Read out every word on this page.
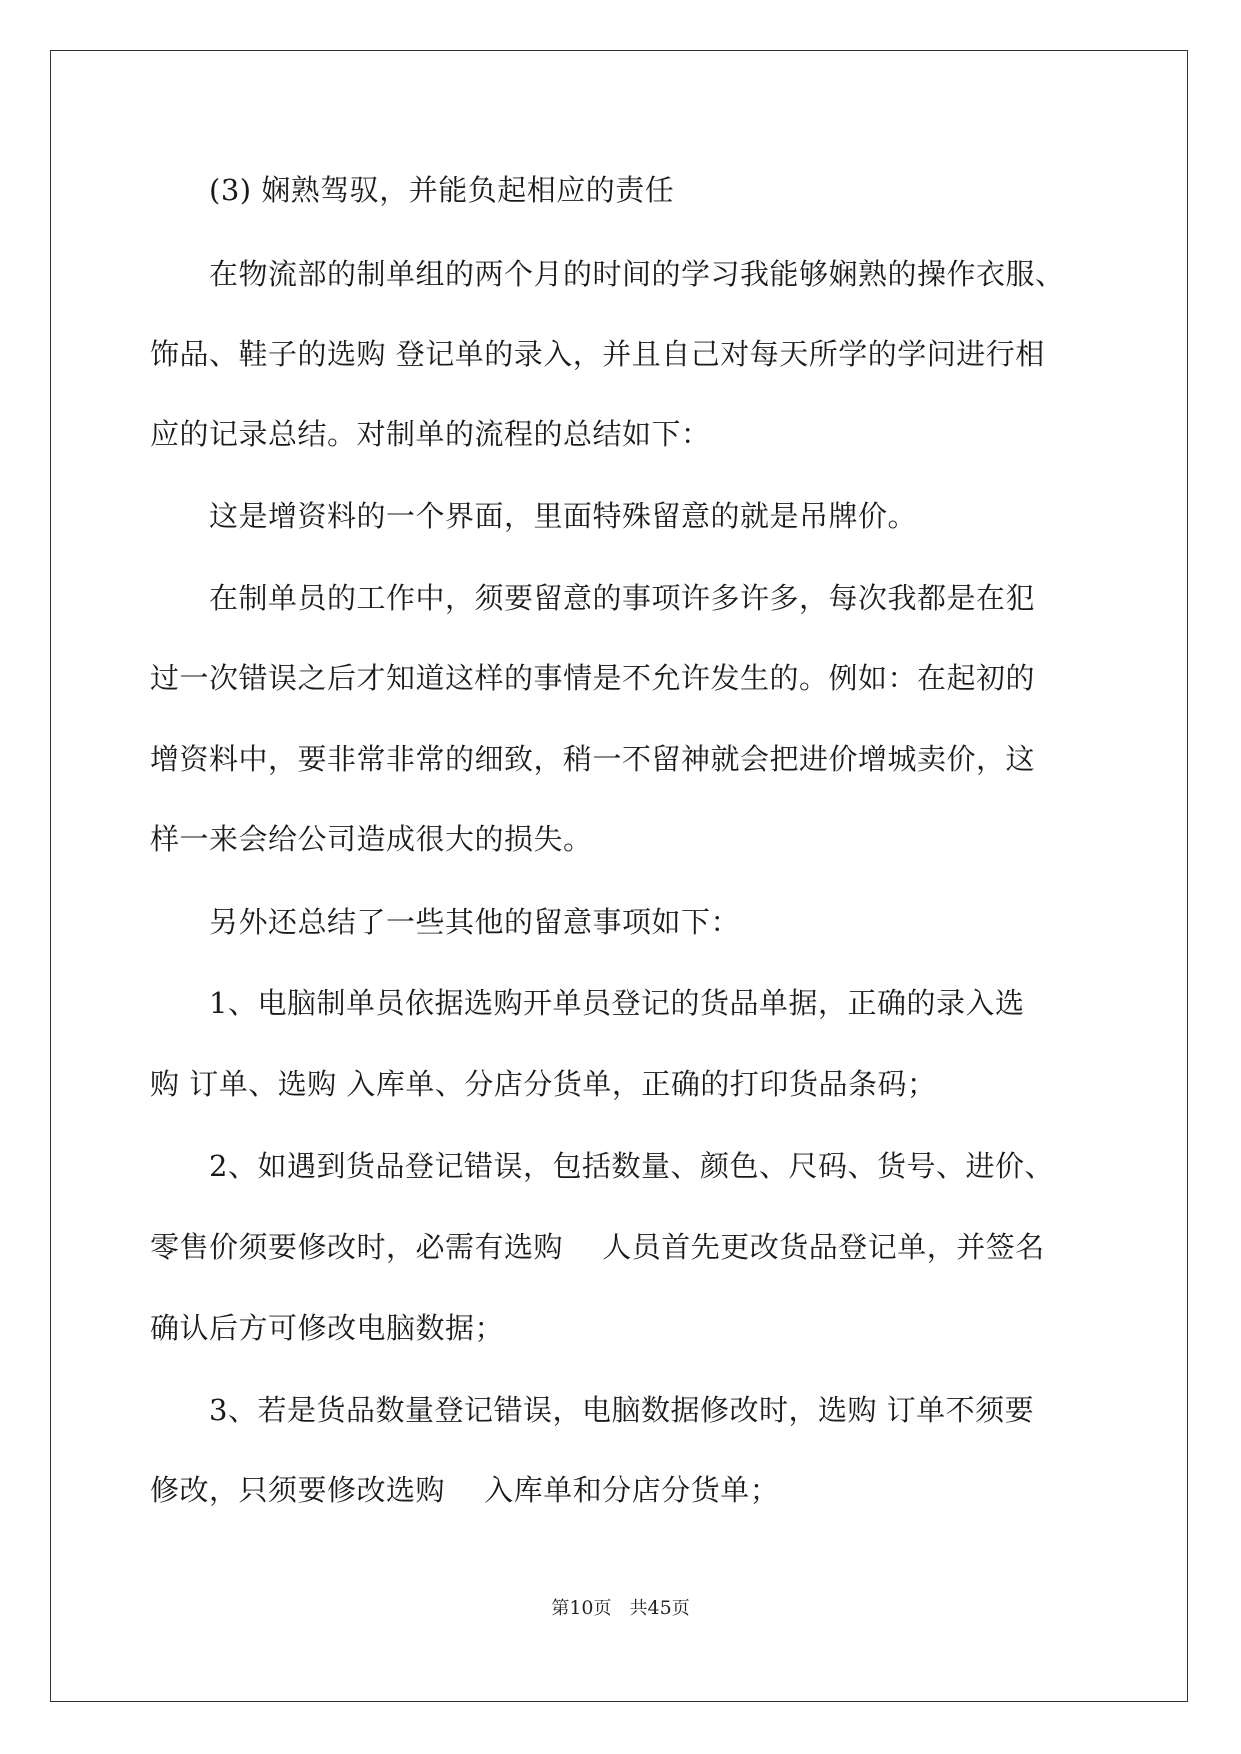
　　(3) 娴熟驾驭，并能负起相应的责任
　　在物流部的制单组的两个月的时间的学习我能够娴熟的操作衣服、
饰品、鞋子的选购 登记单的录入，并且自己对每天所学的学问进行相
应的记录总结。对制单的流程的总结如下：
　　这是增资料的一个界面，里面特殊留意的就是吊牌价。
　　在制单员的工作中，须要留意的事项许多许多，每次我都是在犯
过一次错误之后才知道这样的事情是不允许发生的。例如：在起初的
增资料中，要非常非常的细致，稍一不留神就会把进价增城卖价，这
样一来会给公司造成很大的损失。
　　另外还总结了一些其他的留意事项如下：
　　1、电脑制单员依据选购开单员登记的货品单据，正确的录入选
购 订单、选购 入库单、分店分货单，正确的打印货品条码；
　　2、如遇到货品登记错误，包括数量、颜色、尺码、货号、进价、
零售价须要修改时，必需有选购　 人员首先更改货品登记单，并签名
确认后方可修改电脑数据；
　　3、若是货品数量登记错误，电脑数据修改时，选购 订单不须要
修改，只须要修改选购　 入库单和分店分货单；
第10页　共45页
